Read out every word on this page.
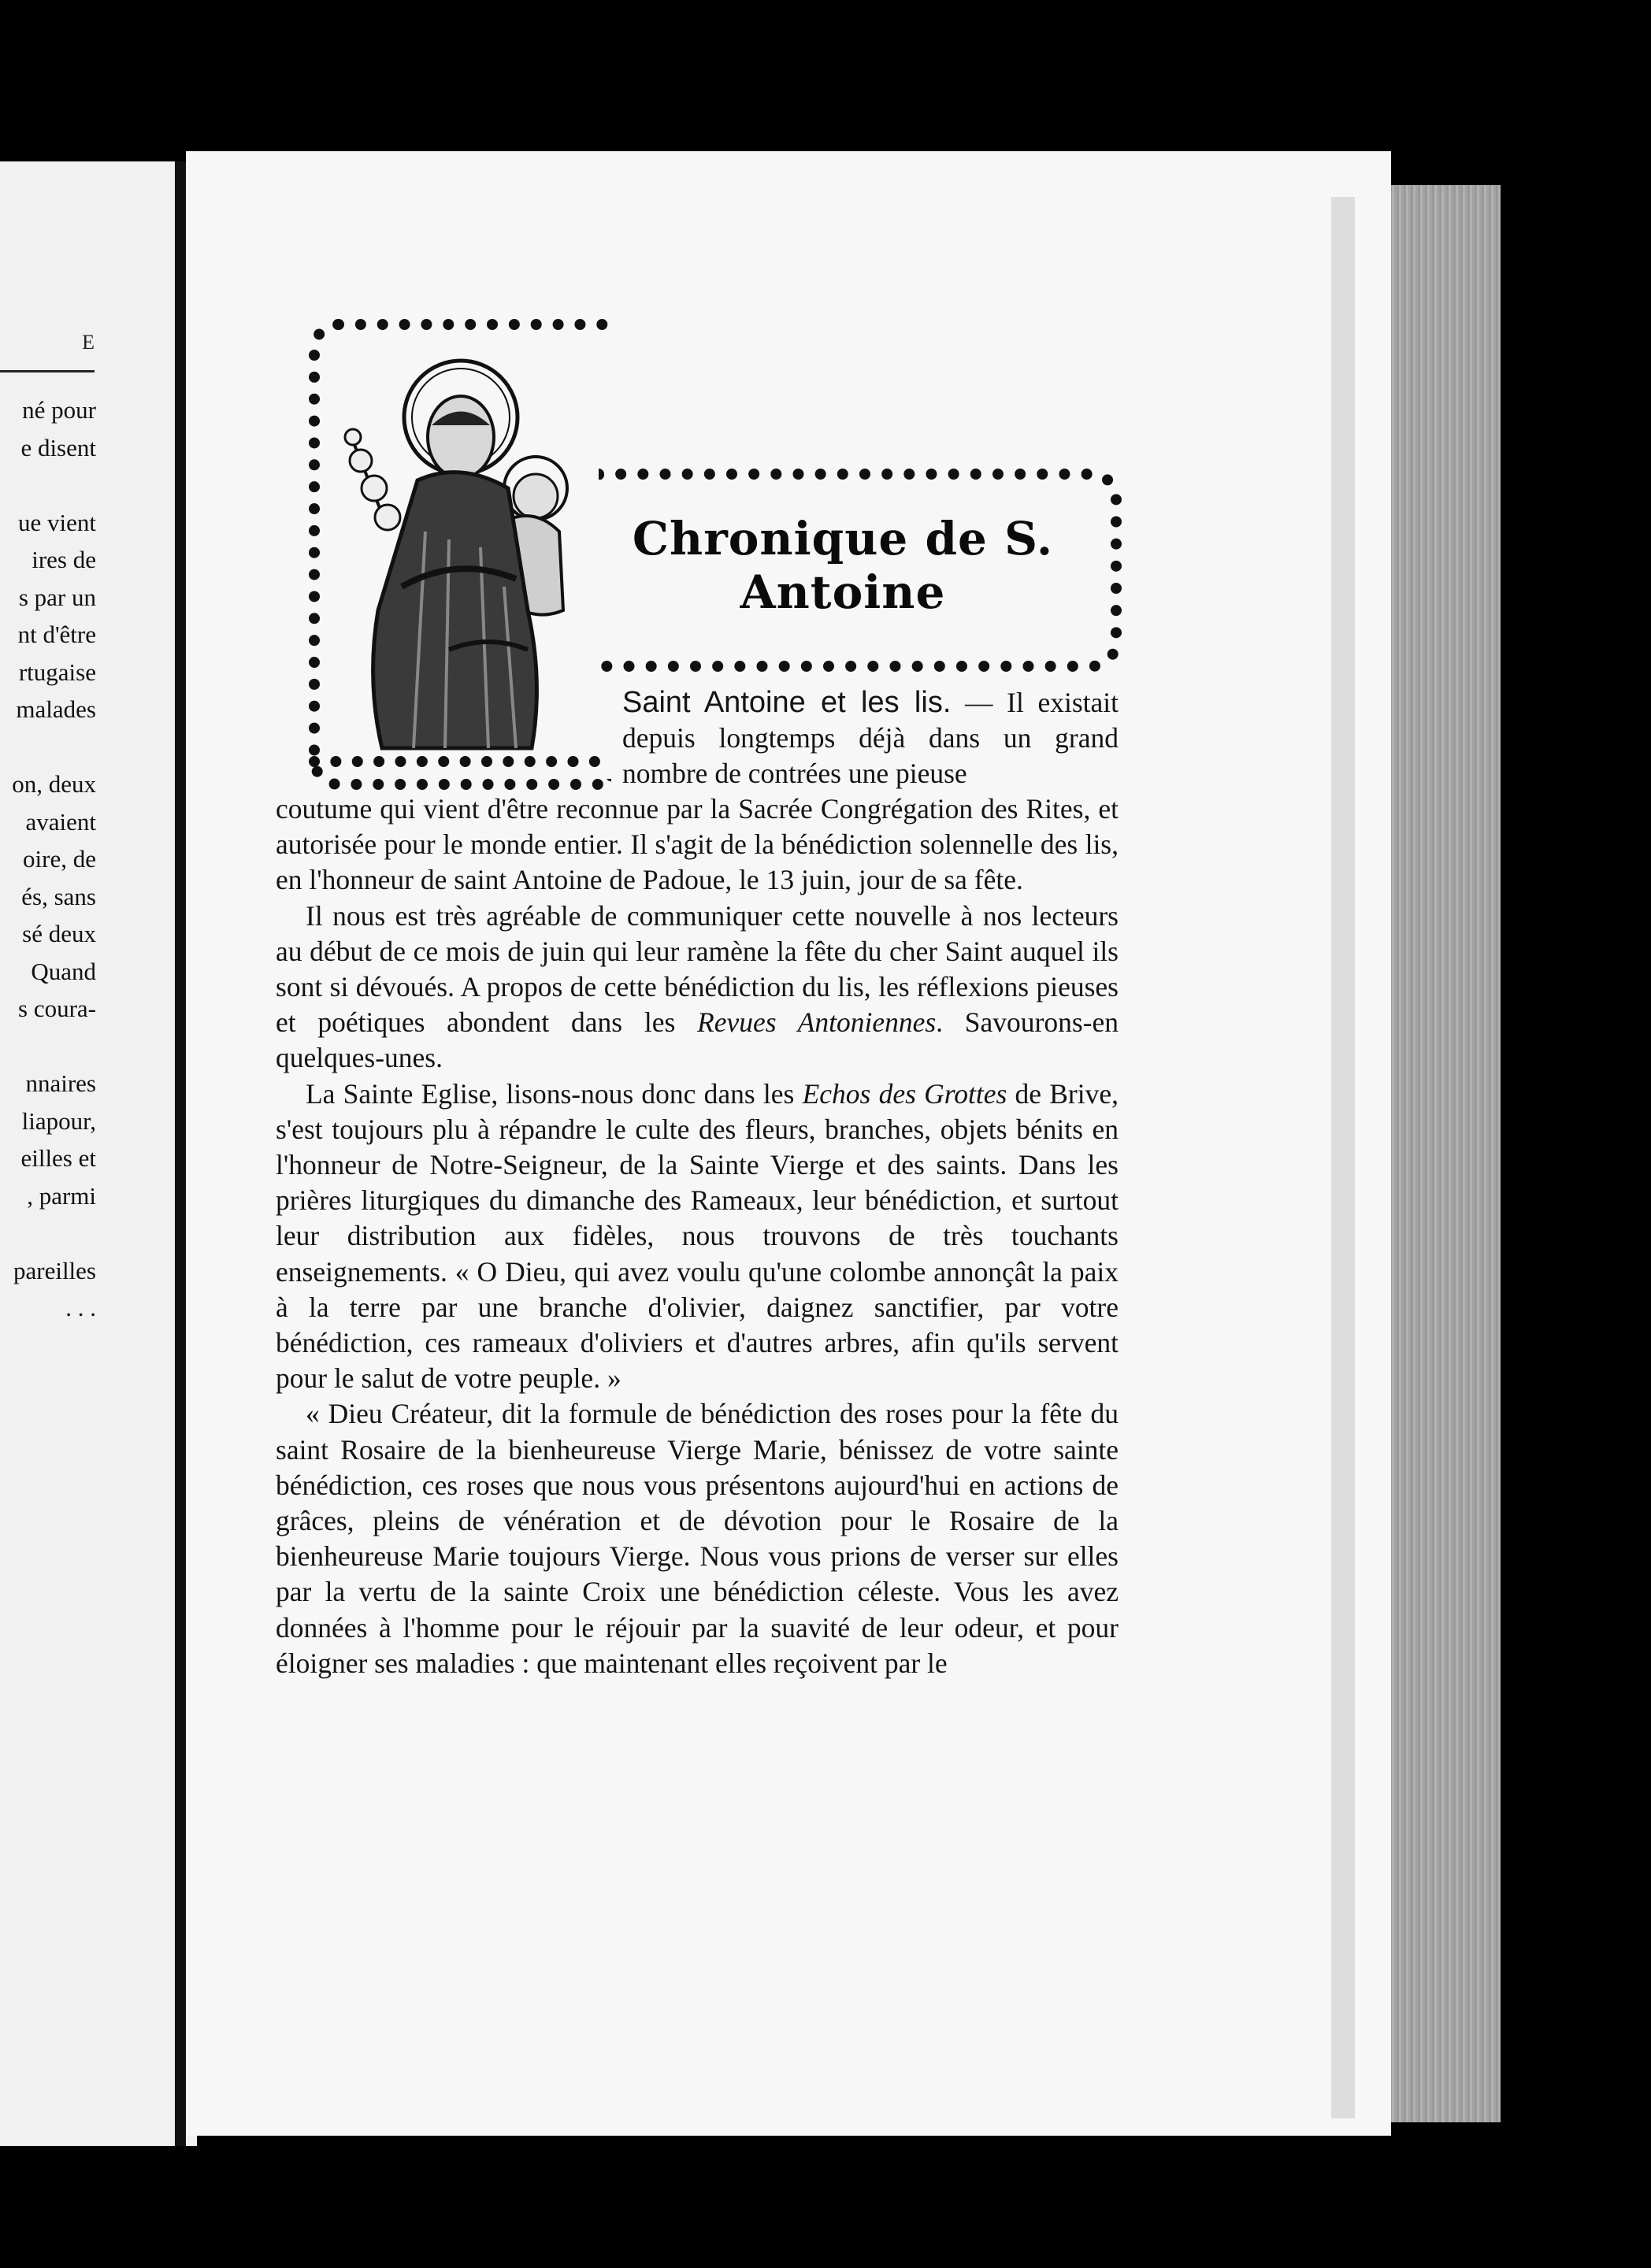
E
né pour
e disent
ue vient
ires de
s par un
nt d'être
rtugaise
malades
on, deux
avaient
oire, de
és, sans
sé deux
Quand
s coura-
nnaires
liapour,
eilles et
, parmi
pareilles
. . .
Chronique de S. Antoine
Saint Antoine et les lis. — Il existait depuis longtemps déjà dans un grand nombre de contrées une pieuse

coutume qui vient d'être reconnue par la Sacrée Congrégation des Rites, et autorisée pour le monde entier. Il s'agit de la bénédiction solennelle des lis, en l'honneur de saint Antoine de Padoue, le 13 juin, jour de sa fête.

Il nous est très agréable de communiquer cette nouvelle à nos lecteurs au début de ce mois de juin qui leur ramène la fête du cher Saint auquel ils sont si dévoués. A propos de cette bénédiction du lis, les réflexions pieuses et poétiques abondent dans les Revues Antoniennes. Savourons-en quelques-unes.

La Sainte Eglise, lisons-nous donc dans les Echos des Grottes de Brive, s'est toujours plu à répandre le culte des fleurs, branches, objets bénits en l'honneur de Notre-Seigneur, de la Sainte Vierge et des saints. Dans les prières liturgiques du dimanche des Rameaux, leur bénédiction, et surtout leur distribution aux fidèles, nous trouvons de très touchants enseignements. « O Dieu, qui avez voulu qu'une colombe annonçât la paix à la terre par une branche d'olivier, daignez sanctifier, par votre bénédiction, ces rameaux d'oliviers et d'autres arbres, afin qu'ils servent pour le salut de votre peuple. »

« Dieu Créateur, dit la formule de bénédiction des roses pour la fête du saint Rosaire de la bienheureuse Vierge Marie, bénissez de votre sainte bénédiction, ces roses que nous vous présentons aujourd'hui en actions de grâces, pleins de vénération et de dévotion pour le Rosaire de la bienheureuse Marie toujours Vierge. Nous vous prions de verser sur elles par la vertu de la sainte Croix une bénédiction céleste. Vous les avez données à l'homme pour le réjouir par la suavité de leur odeur, et pour éloigner ses maladies : que maintenant elles reçoivent par le
